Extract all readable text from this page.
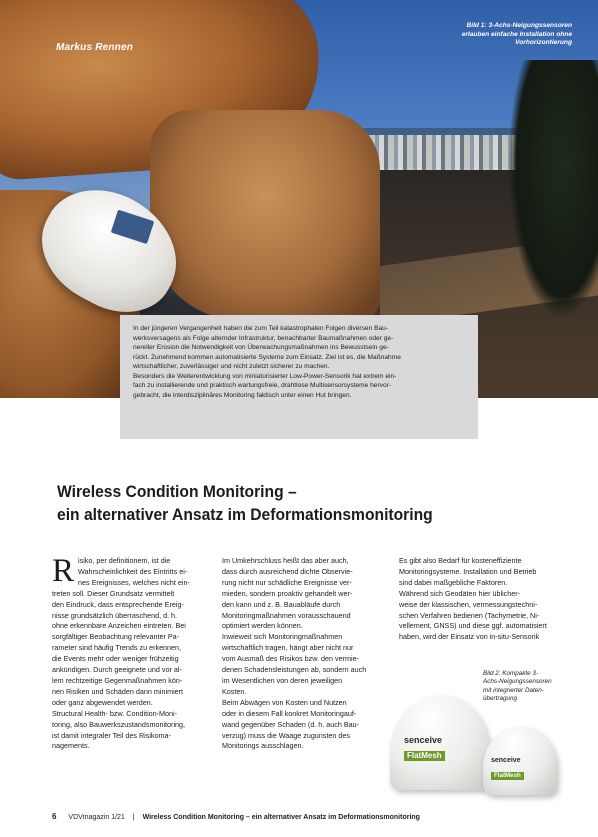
Markus Rennen
Bild 1: 3-Achs-Neigungssensoren
erlauben einfache Installation ohne
Vorhorizontierung
In der jüngeren Vergangenheit haben die zum Teil katastrophalen Folgen diversen Bau-
werksversagens als Folge alternder Infrastruktur, benachbarter Baumaßnahmen oder ge-
nereller Erosion die Notwendigkeit von Überwachungsmaßnahmen ins Bewusstsein ge-
rückt. Zunehmend kommen automatisierte Systeme zum Einsatz. Ziel ist es, die Maßnahme
wirtschaftlicher, zuverlässiger und nicht zuletzt sicherer zu machen.
Besonders die Weiterentwicklung von miniaturisierter Low-Power-Sensorik hat extrem ein-
fach zu installierende und praktisch wartungsfreie, drahtlose Multisensorsysteme hervor-
gebracht, die interdisziplinäres Monitoring faktisch unter einen Hut bringen.
Wireless Condition Monitoring –
ein alternativer Ansatz im Deformationsmonitoring
R isiko, per definitionem, ist die
Wahrscheinlichkeit des Eintritts ei-
nes Ereignisses, welches nicht ein-
treten soll. Dieser Grundsatz vermittelt
den Eindruck, dass entsprechende Ereig-
nisse grundsätzlich überraschend, d. h.
ohne erkennbare Anzeichen eintreten. Bei
sorgfältiger Beobachtung relevanter Pa-
rameter sind häufig Trends zu erkennen,
die Events mehr oder weniger frühzeitig
ankündigen. Durch geeignete und vor al-
lem rechtzeitige Gegenmaßnahmen kön-
nen Risiken und Schäden dann minimiert
oder ganz abgewendet werden.
Structural Health- bzw. Condition-Moni-
toring, also Bauwerkszustandsmonitoring,
ist damit integraler Teil des Risikoma-
nagements.
Im Umkehrschluss heißt das aber auch,
dass durch ausreichend dichte Observie-
rung nicht nur schädliche Ereignisse ver-
mieden, sondern proaktiv gehandelt wer-
den kann und z. B. Bauabläufe durch
Monitoringmaßnahmen vorausschauend
optimiert werden können.
Inwieweit sich Monitoringmaßnahmen
wirtschaftlich tragen, hängt aber nicht nur
vom Ausmaß des Risikos bzw. den vermie-
denen Schadensleistungen ab, sondern auch
im Wesentlichen von deren jeweiligen
Kosten.
Beim Abwägen von Kosten und Nutzen
oder in diesem Fall konkret Monitoringauf-
wand gegenüber Schaden (d. h. auch Bau-
verzug) muss die Waage zugunsten des
Monitorings ausschlagen.
Es gibt also Bedarf für kosteneffiziente
Monitoringsysteme. Installation und Betrieb
sind dabei maßgebliche Faktoren.
Während sich Geodäten hier üblicher-
weise der klassischen, vermessungstechni-
schen Verfahren bedienen (Tachymetrie, Ni-
vellement, GNSS) und diese ggf. automatisiert
haben, wird der Einsatz von in-situ-Sensorik
Bild 2: Kompakte 3-
Achs-Neigungssensoren
mit integrierter Daten-
übertragung
senceive
FlatMesh
senceive
FlatMesh
6 VDVmagazin 1/21 | Wireless Condition Monitoring – ein alternativer Ansatz im Deformationsmonitoring
